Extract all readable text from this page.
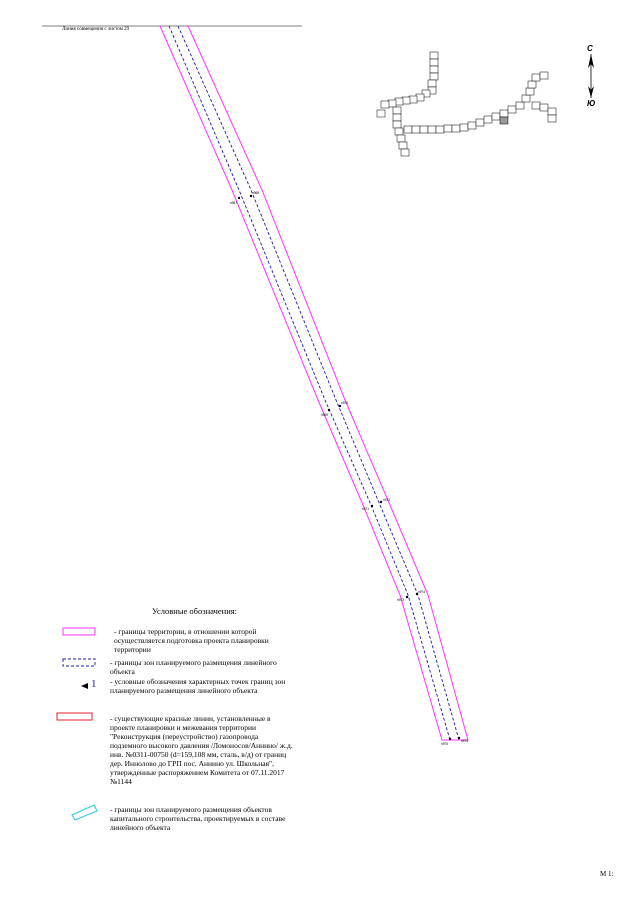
н967
н968
н969
н970
н971
н972
н973
н974
н975
н976
Линия совмещения с листом 29
С
Ю
Условные обозначения:
- границы территории, в отношении которой осуществляется подготовка проекта планировки территории
- границы зон планируемого размещения линейного объекта
1 - условные обозначения характерных точек границ зон планируемого размещения линейного объекта
- существующие красные линии, установленные в проекте планировки и межевания территории "Реконструкция (переустройство) газопровода подземного высокого давления /Ломоносов/Аннино/ ж.д. инв. №0311-00750 (d=159,108 мм, сталь, в/д) от границ дер. Иннолово до ГРП пос. Аннино ул. Школьная", утвержденные распоряжением Комитета от 07.11.2017 №1144
- границы зон планируемого размещения объектов капитального строительства, проектируемых в составе линейного объекта
М 1:
